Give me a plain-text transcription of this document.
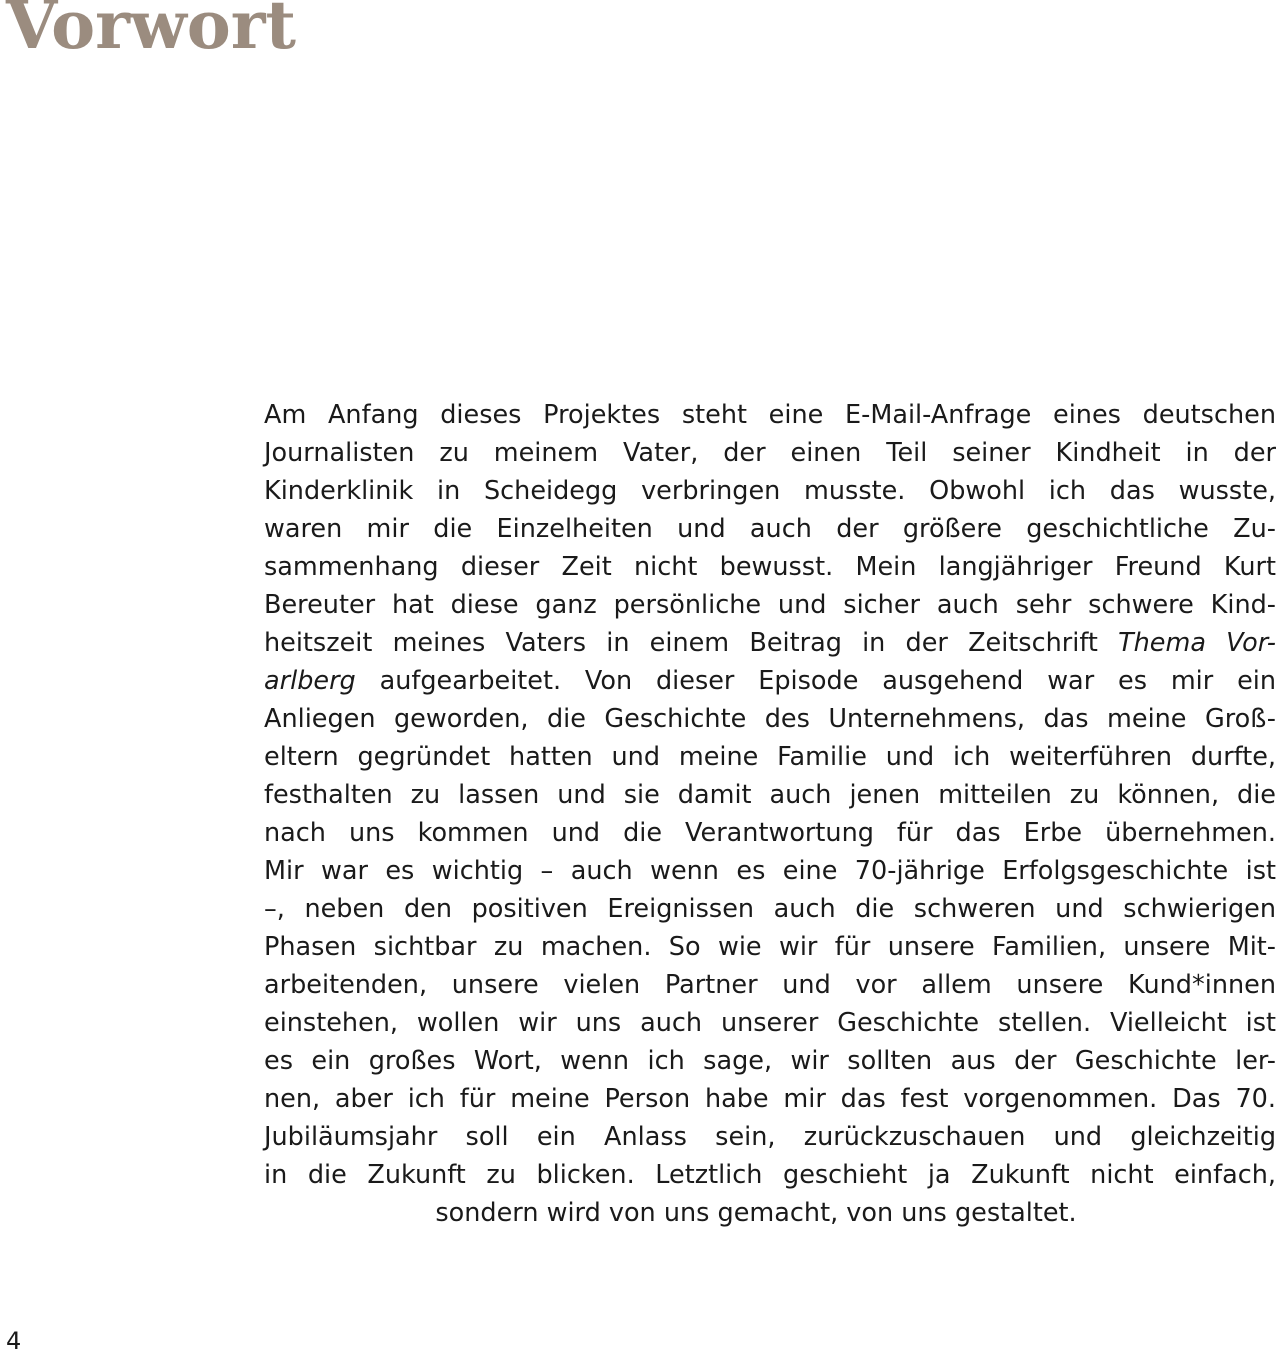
Vorwort
Am Anfang dieses Projektes steht eine E-Mail-Anfrage eines deutschen
Journalisten zu meinem Vater, der einen Teil seiner Kindheit in der
Kinderklinik in Scheidegg verbringen musste. Obwohl ich das wusste,
waren mir die Einzelheiten und auch der größere geschichtliche Zu-
sammenhang dieser Zeit nicht bewusst. Mein langjähriger Freund Kurt
Bereuter hat diese ganz persönliche und sicher auch sehr schwere Kind-
heitszeit meines Vaters in einem Beitrag in der Zeitschrift Thema Vor-
arlberg aufgearbeitet. Von dieser Episode ausgehend war es mir ein
Anliegen geworden, die Geschichte des Unternehmens, das meine Groß-
eltern gegründet hatten und meine Familie und ich weiterführen durfte,
festhalten zu lassen und sie damit auch jenen mitteilen zu können, die
nach uns kommen und die Verantwortung für das Erbe übernehmen.
Mir war es wichtig – auch wenn es eine 70-jährige Erfolgsgeschichte ist
–, neben den positiven Ereignissen auch die schweren und schwierigen
Phasen sichtbar zu machen. So wie wir für unsere Familien, unsere Mit-
arbeitenden, unsere vielen Partner und vor allem unsere Kund*innen
einstehen, wollen wir uns auch unserer Geschichte stellen. Vielleicht ist
es ein großes Wort, wenn ich sage, wir sollten aus der Geschichte ler-
nen, aber ich für meine Person habe mir das fest vorgenommen. Das 70.
Jubiläumsjahr soll ein Anlass sein, zurückzuschauen und gleichzeitig
in die Zukunft zu blicken. Letztlich geschieht ja Zukunft nicht einfach,
sondern wird von uns gemacht, von uns gestaltet.
4
